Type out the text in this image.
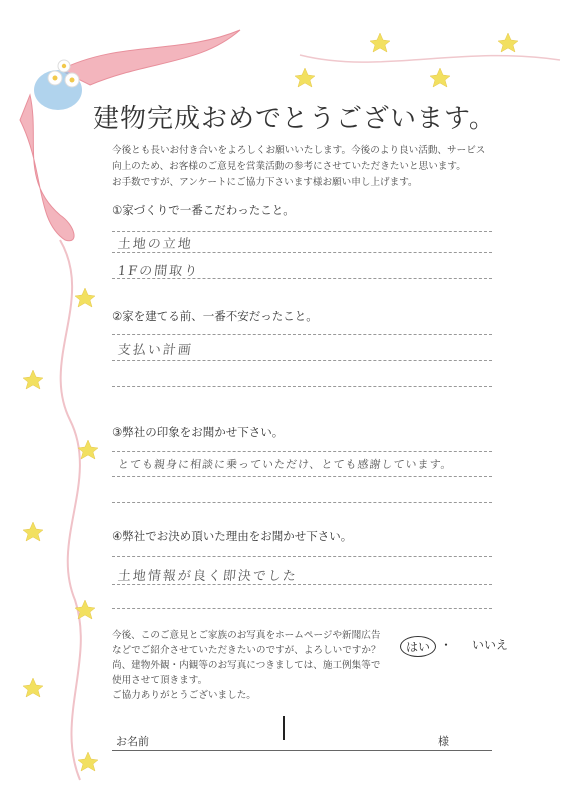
建物完成おめでとうございます。
今後とも長いお付き合いをよろしくお願いいたします。今後のより良い活動、サービス
向上のため、お客様のご意見を営業活動の参考にさせていただきたいと思います。
お手数ですが、アンケートにご協力下さいます様お願い申し上げます。
①家づくりで一番こだわったこと。
土地の立地
1Fの間取り
②家を建てる前、一番不安だったこと。
支払い計画
③弊社の印象をお聞かせ下さい。
とても親身に相談に乗っていただけ、とても感謝しています。
④弊社でお決め頂いた理由をお聞かせ下さい。
土地情報が良く即決でした
今後、このご意見とご家族のお写真をホームページや新聞広告
などでご紹介させていただきたいのですが、よろしいですか？
尚、建物外観・内観等のお写真につきましては、施工例集等で
使用させて頂きます。
ご協力ありがとうございました。
はい ・ いいえ
お名前	様
